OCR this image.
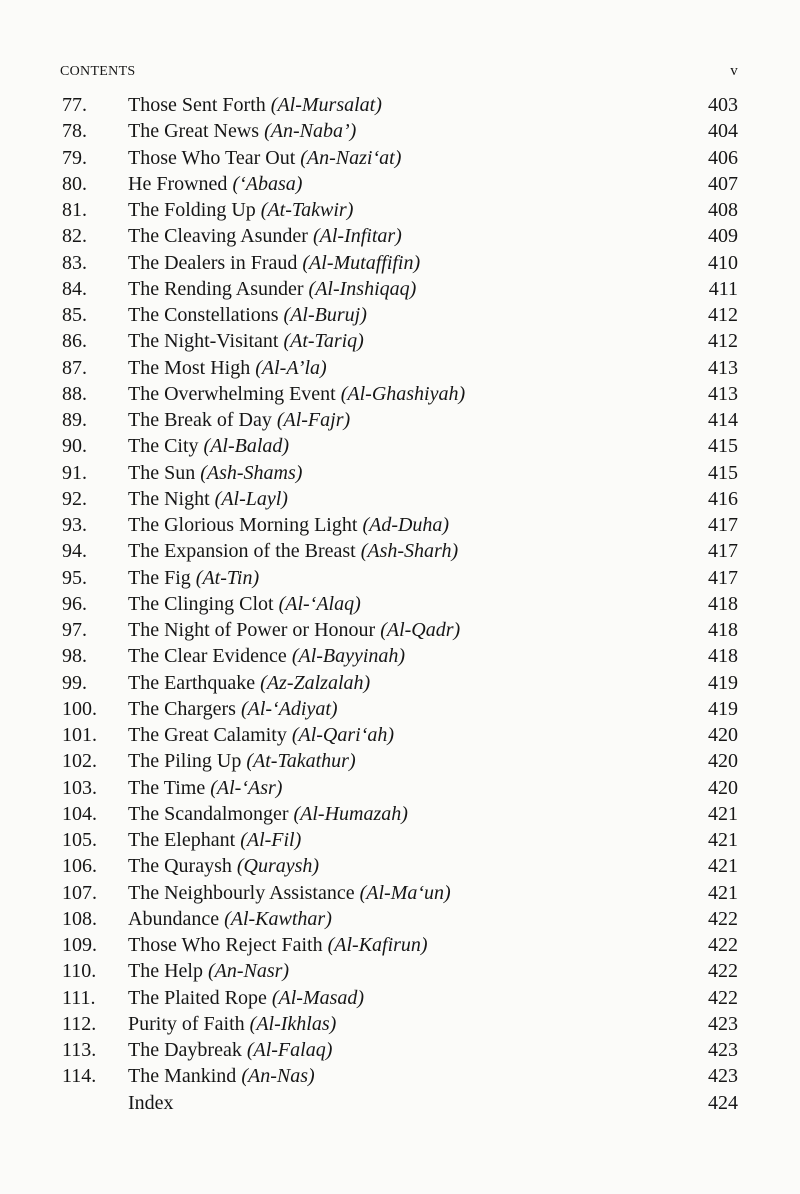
CONTENTS	v
77.	Those Sent Forth (Al-Mursalat)	403
78.	The Great News (An-Naba’)	404
79.	Those Who Tear Out (An-Nazi‘at)	406
80.	He Frowned (‘Abasa)	407
81.	The Folding Up (At-Takwir)	408
82.	The Cleaving Asunder (Al-Infitar)	409
83.	The Dealers in Fraud (Al-Mutaffifin)	410
84.	The Rending Asunder (Al-Inshiqaq)	411
85.	The Constellations (Al-Buruj)	412
86.	The Night-Visitant (At-Tariq)	412
87.	The Most High (Al-A’la)	413
88.	The Overwhelming Event (Al-Ghashiyah)	413
89.	The Break of Day (Al-Fajr)	414
90.	The City (Al-Balad)	415
91.	The Sun (Ash-Shams)	415
92.	The Night (Al-Layl)	416
93.	The Glorious Morning Light (Ad-Duha)	417
94.	The Expansion of the Breast (Ash-Sharh)	417
95.	The Fig (At-Tin)	417
96.	The Clinging Clot (Al-‘Alaq)	418
97.	The Night of Power or Honour (Al-Qadr)	418
98.	The Clear Evidence (Al-Bayyinah)	418
99.	The Earthquake (Az-Zalzalah)	419
100.	The Chargers (Al-‘Adiyat)	419
101.	The Great Calamity (Al-Qari‘ah)	420
102.	The Piling Up (At-Takathur)	420
103.	The Time (Al-‘Asr)	420
104.	The Scandalmonger (Al-Humazah)	421
105.	The Elephant (Al-Fil)	421
106.	The Quraysh (Quraysh)	421
107.	The Neighbourly Assistance (Al-Ma‘un)	421
108.	Abundance (Al-Kawthar)	422
109.	Those Who Reject Faith (Al-Kafirun)	422
110.	The Help (An-Nasr)	422
111.	The Plaited Rope (Al-Masad)	422
112.	Purity of Faith (Al-Ikhlas)	423
113.	The Daybreak (Al-Falaq)	423
114.	The Mankind (An-Nas)	423
Index	424
